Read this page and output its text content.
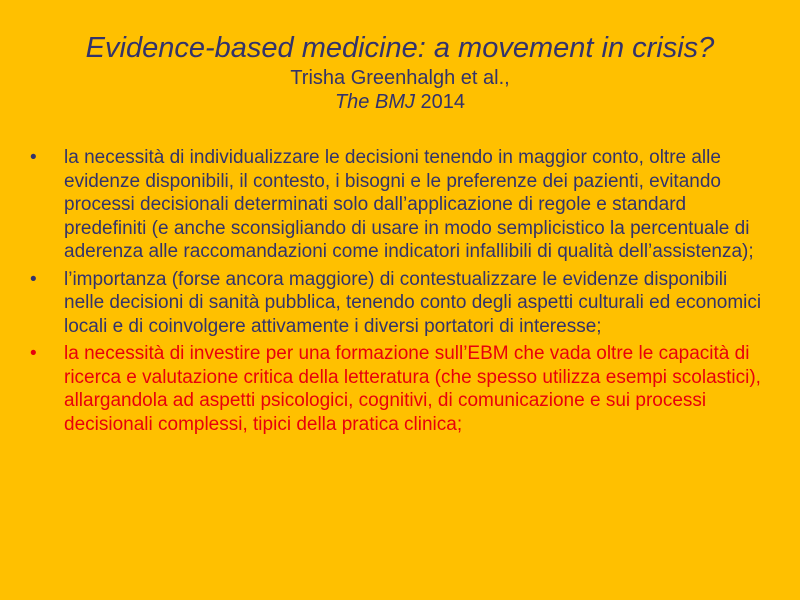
Evidence-based medicine: a movement in crisis?
Trisha Greenhalgh et al.,
The BMJ 2014
•	la necessità di individualizzare le decisioni tenendo in maggior conto, oltre alle evidenze disponibili, il contesto, i bisogni e le preferenze dei pazienti, evitando processi decisionali determinati solo dall’applicazione di regole e standard predefiniti (e anche sconsigliando di usare in modo semplicistico la percentuale di aderenza alle raccomandazioni come indicatori infallibili di qualità dell’assistenza);
•	l’importanza (forse ancora maggiore) di contestualizzare le evidenze disponibili nelle decisioni di sanità pubblica, tenendo conto degli aspetti culturali ed economici locali e di coinvolgere attivamente i diversi portatori di interesse;
•	la necessità di investire per una formazione sull’EBM che vada oltre le capacità di ricerca e valutazione critica della letteratura (che spesso utilizza esempi scolastici), allargandola ad aspetti psicologici, cognitivi, di comunicazione e sui processi decisionali complessi, tipici della pratica clinica;
